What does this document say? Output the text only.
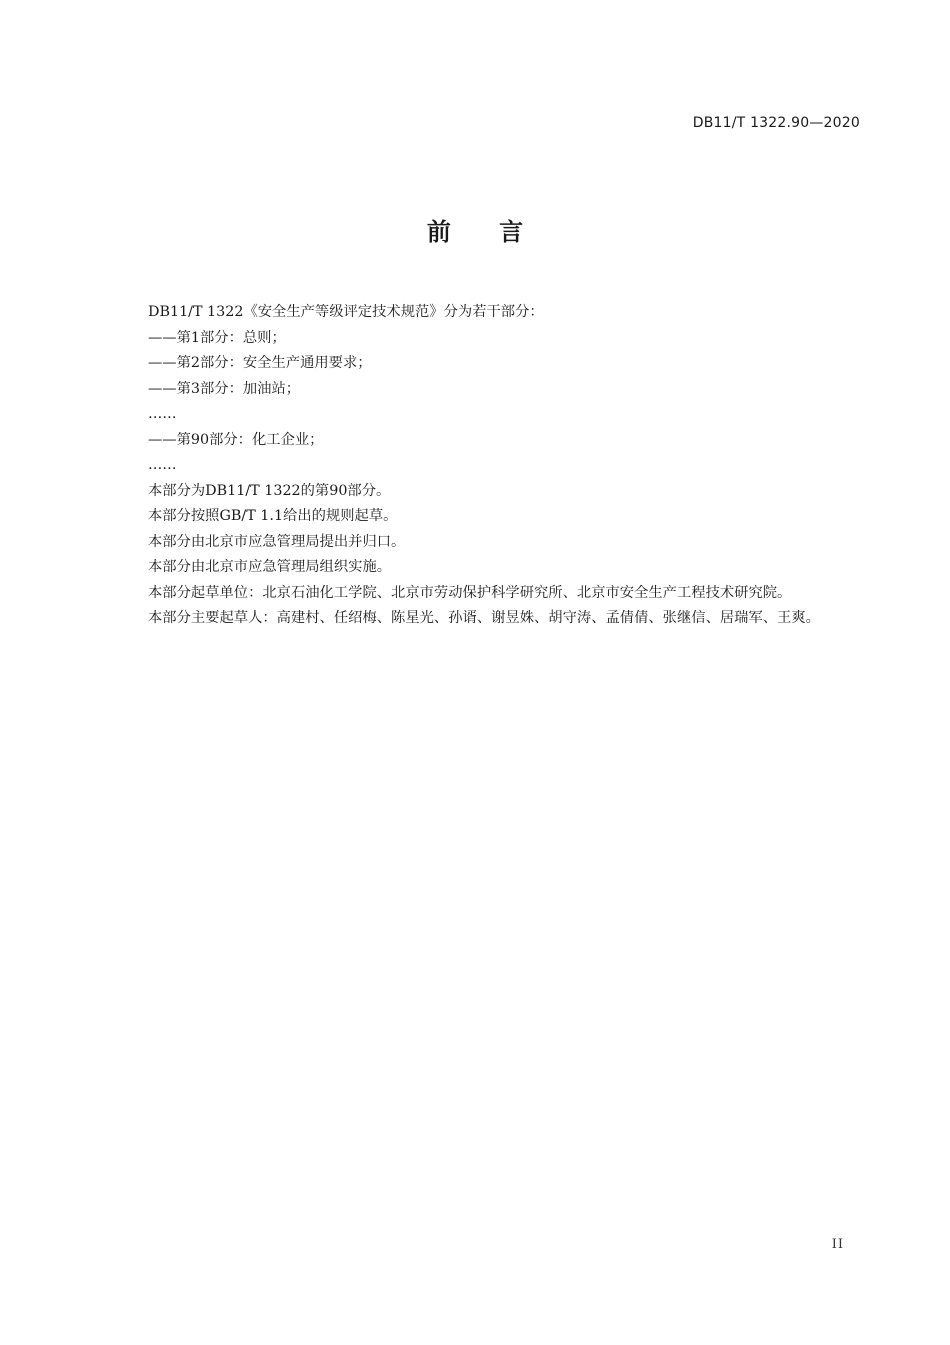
DB11/T 1322.90—2020
前 言

DB11/T 1322《安全生产等级评定技术规范》分为若干部分：

——第1部分：总则；

——第2部分：安全生产通用要求；

——第3部分：加油站；

……

——第90部分：化工企业；

……

本部分为DB11/T 1322的第90部分。

本部分按照GB/T 1.1给出的规则起草。

本部分由北京市应急管理局提出并归口。

本部分由北京市应急管理局组织实施。

本部分起草单位：北京石油化工学院、北京市劳动保护科学研究所、北京市安全生产工程技术研究院。

本部分主要起草人：高建村、任绍梅、陈星光、孙谞、谢昱姝、胡守涛、孟倩倩、张继信、居瑞军、王爽。

II
